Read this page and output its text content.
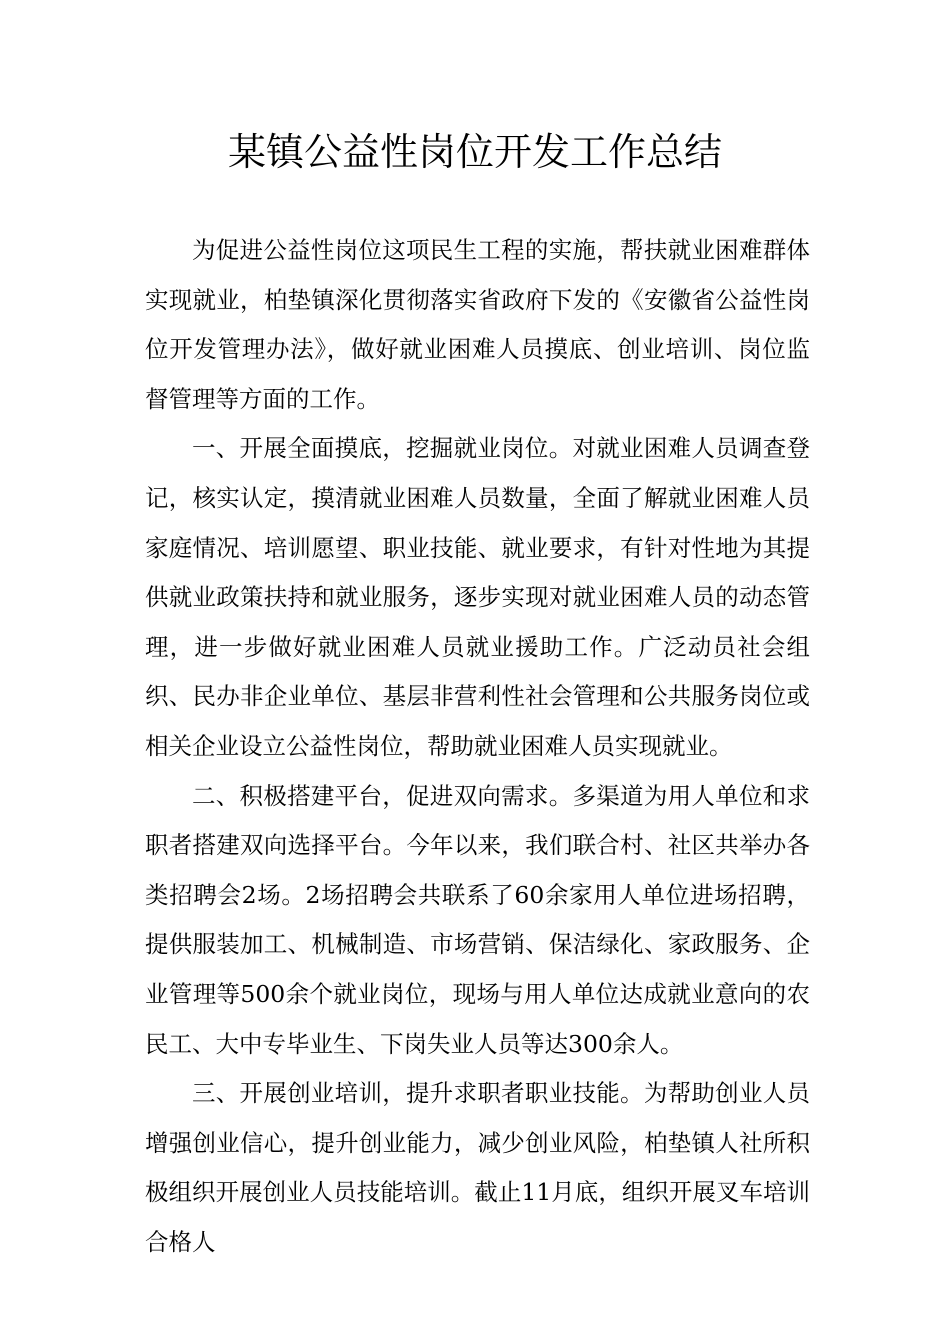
某镇公益性岗位开发工作总结

为促进公益性岗位这项民生工程的实施，帮扶就业困难群体实现就业，柏垫镇深化贯彻落实省政府下发的《安徽省公益性岗位开发管理办法》，做好就业困难人员摸底、创业培训、岗位监督管理等方面的工作。

一、开展全面摸底，挖掘就业岗位。对就业困难人员调查登记，核实认定，摸清就业困难人员数量，全面了解就业困难人员家庭情况、培训愿望、职业技能、就业要求，有针对性地为其提供就业政策扶持和就业服务，逐步实现对就业困难人员的动态管理，进一步做好就业困难人员就业援助工作。广泛动员社会组织、民办非企业单位、基层非营利性社会管理和公共服务岗位或相关企业设立公益性岗位，帮助就业困难人员实现就业。

二、积极搭建平台，促进双向需求。多渠道为用人单位和求职者搭建双向选择平台。今年以来，我们联合村、社区共举办各类招聘会2场。2场招聘会共联系了60余家用人单位进场招聘，提供服装加工、机械制造、市场营销、保洁绿化、家政服务、企业管理等500余个就业岗位，现场与用人单位达成就业意向的农民工、大中专毕业生、下岗失业人员等达300余人。

三、开展创业培训，提升求职者职业技能。为帮助创业人员增强创业信心，提升创业能力，减少创业风险，柏垫镇人社所积极组织开展创业人员技能培训。截止11月底，组织开展叉车培训合格人
